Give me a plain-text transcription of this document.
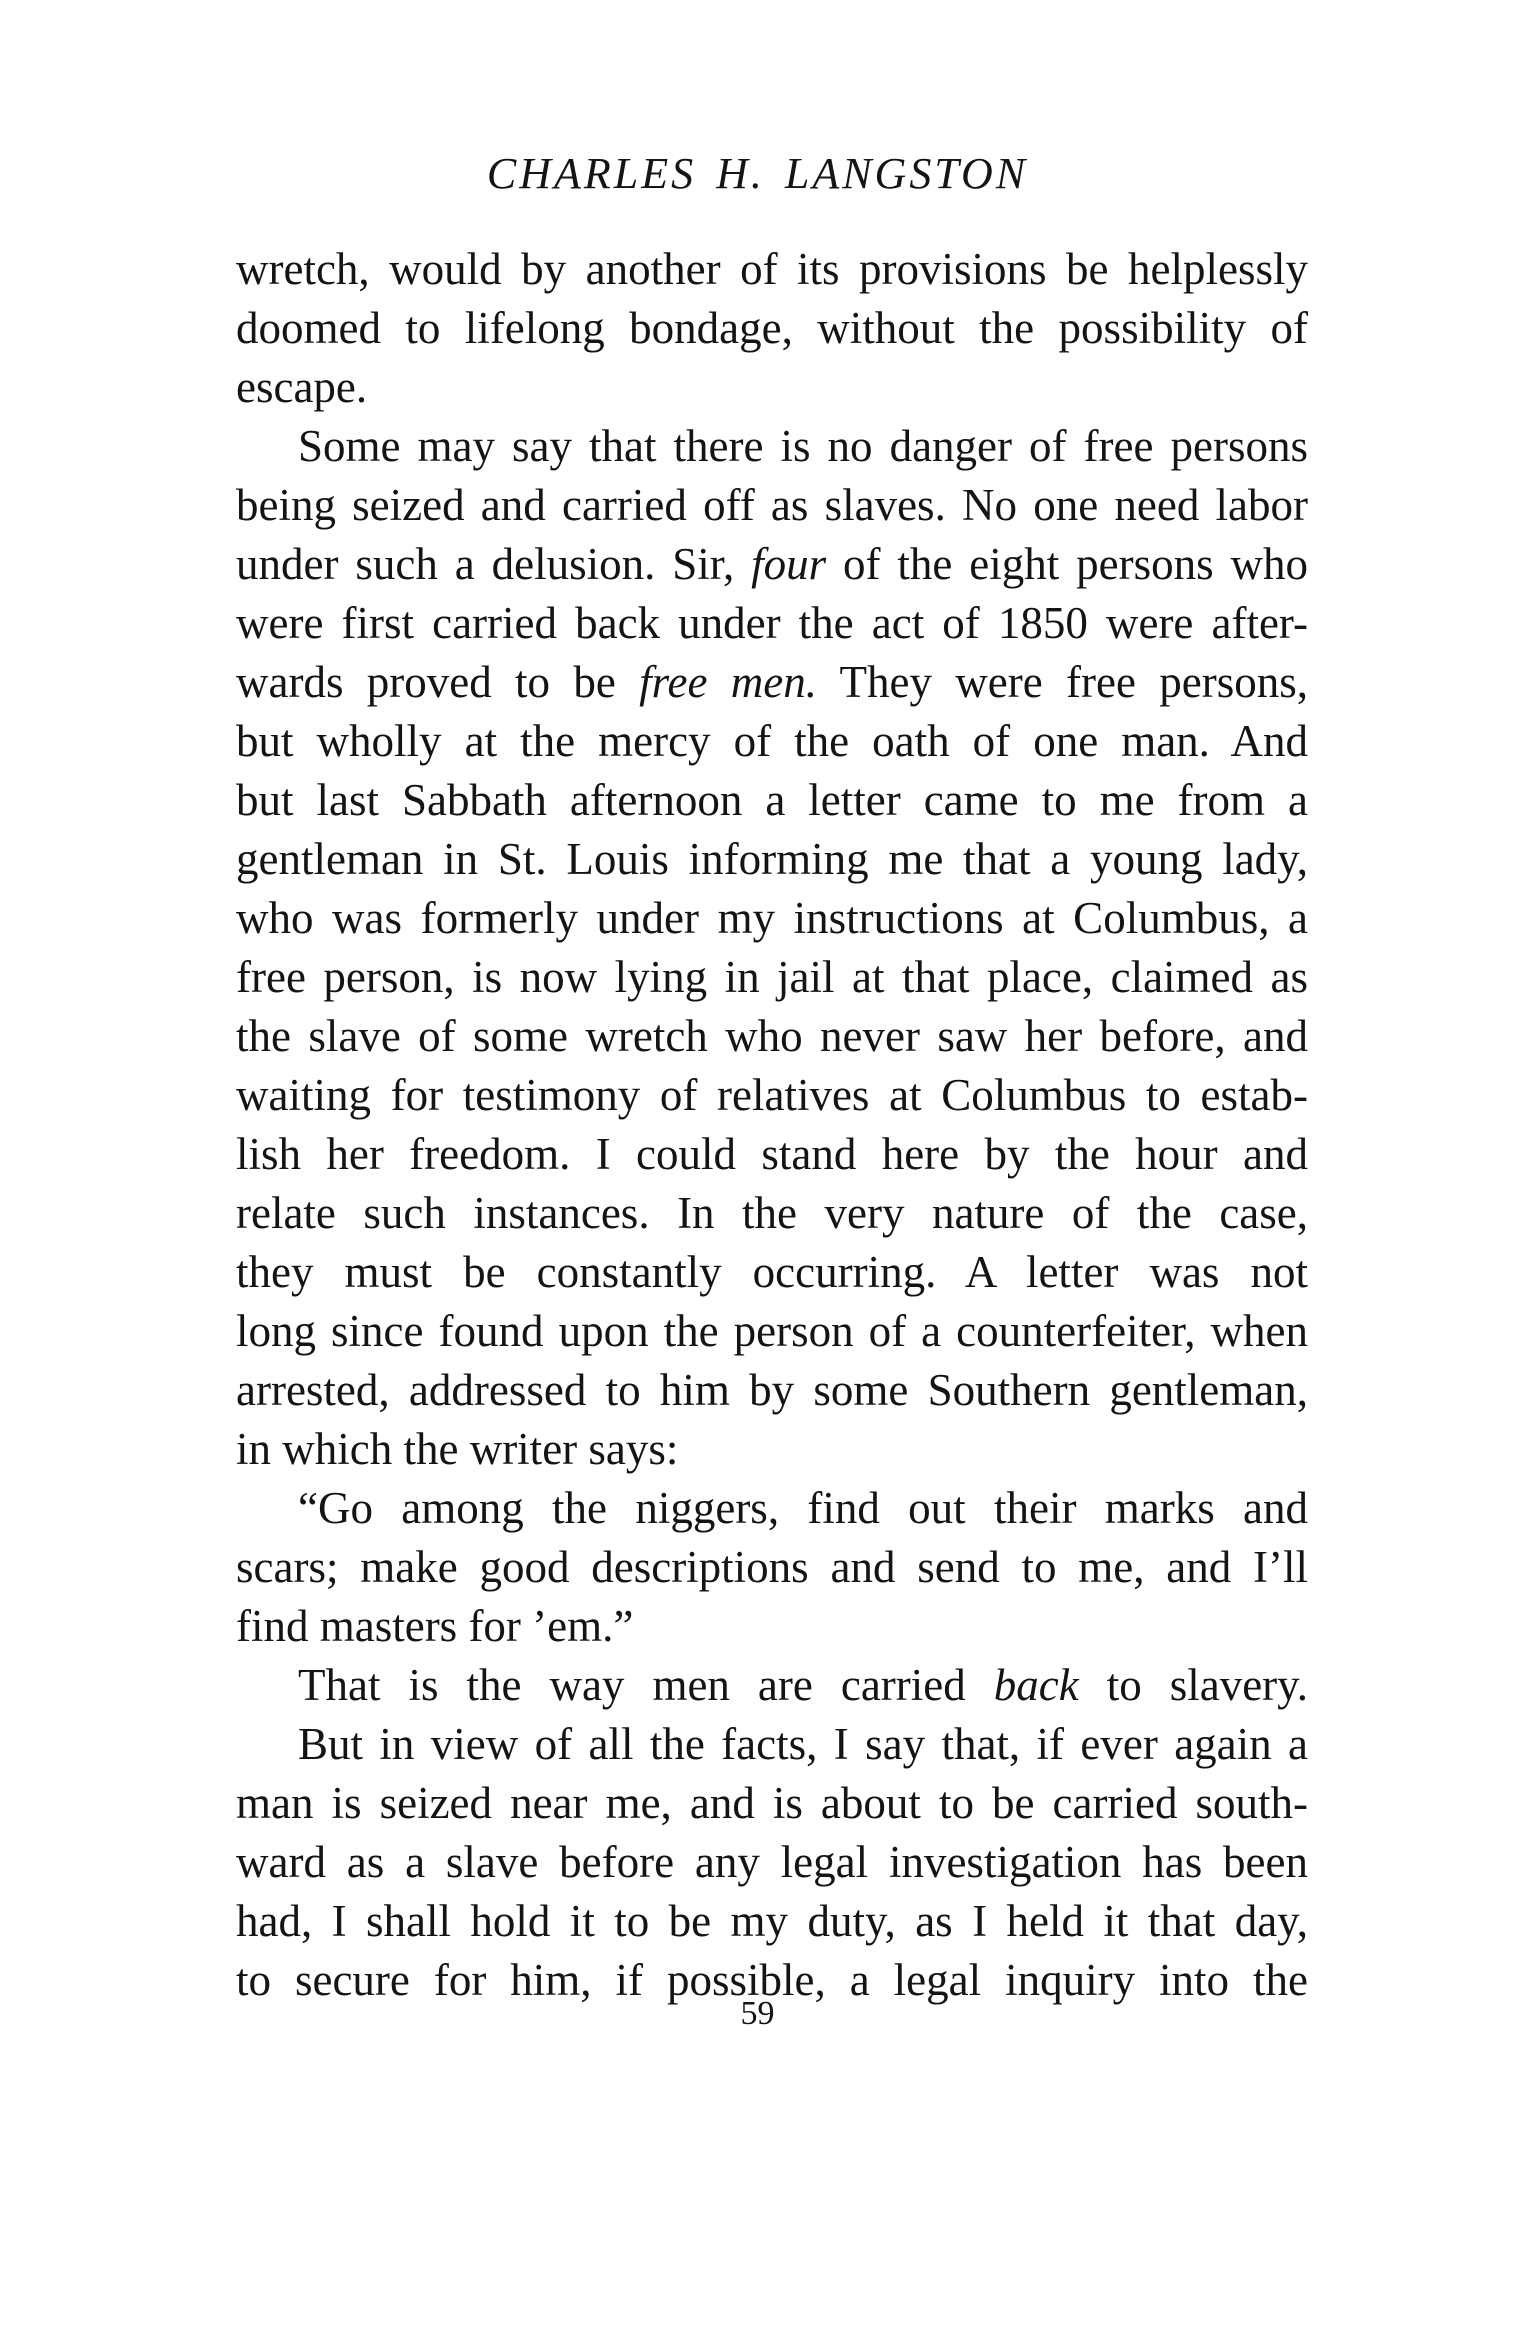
CHARLES H. LANGSTON
wretch, would by another of its provisions be helplessly
doomed to lifelong bondage, without the possibility of
escape.
Some may say that there is no danger of free persons
being seized and carried off as slaves. No one need labor
under such a delusion. Sir, four of the eight persons who
were first carried back under the act of 1850 were after-
wards proved to be free men. They were free persons,
but wholly at the mercy of the oath of one man. And
but last Sabbath afternoon a letter came to me from a
gentleman in St. Louis informing me that a young lady,
who was formerly under my instructions at Columbus, a
free person, is now lying in jail at that place, claimed as
the slave of some wretch who never saw her before, and
waiting for testimony of relatives at Columbus to estab-
lish her freedom. I could stand here by the hour and
relate such instances. In the very nature of the case,
they must be constantly occurring. A letter was not
long since found upon the person of a counterfeiter, when
arrested, addressed to him by some Southern gentleman,
in which the writer says:
“Go among the niggers, find out their marks and
scars; make good descriptions and send to me, and I’ll
find masters for ’em.”
That is the way men are carried back to slavery.
But in view of all the facts, I say that, if ever again a
man is seized near me, and is about to be carried south-
ward as a slave before any legal investigation has been
had, I shall hold it to be my duty, as I held it that day,
to secure for him, if possible, a legal inquiry into the
59
